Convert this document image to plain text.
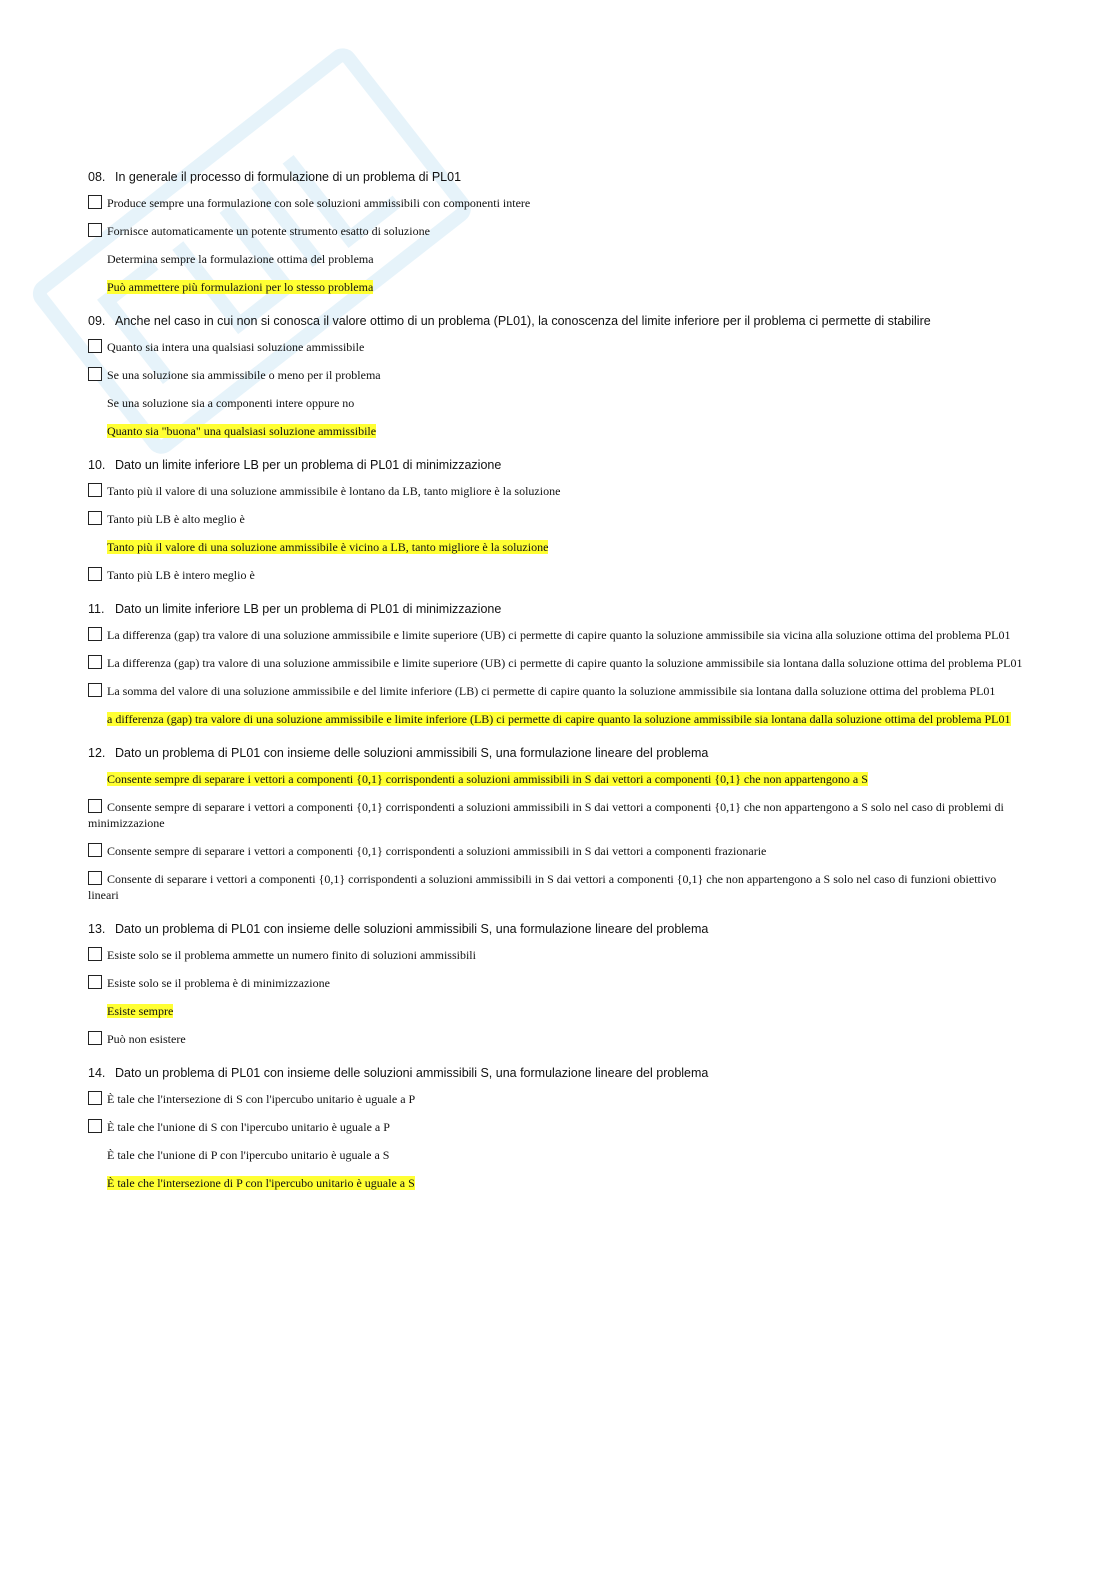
08. In generale il processo di formulazione di un problema di PL01
Produce sempre una formulazione con sole soluzioni ammissibili con componenti intere
Fornisce automaticamente un potente strumento esatto di soluzione
Determina sempre la formulazione ottima del problema
Può ammettere più formulazioni per lo stesso problema
09. Anche nel caso in cui non si conosca il valore ottimo di un problema (PL01), la conoscenza del limite inferiore per il problema ci permette di stabilire
Quanto sia intera una qualsiasi soluzione ammissibile
Se una soluzione sia ammissibile o meno per il problema
Se una soluzione sia a componenti intere oppure no
Quanto sia "buona" una qualsiasi soluzione ammissibile
10. Dato un limite inferiore LB per un problema di PL01 di minimizzazione
Tanto più il valore di una soluzione ammissibile è lontano da LB, tanto migliore è la soluzione
Tanto più LB è alto meglio è
Tanto più il valore di una soluzione ammissibile è vicino a LB, tanto migliore è la soluzione
Tanto più LB è intero meglio è
11. Dato un limite inferiore LB per un problema di PL01 di minimizzazione
La differenza (gap) tra valore di una soluzione ammissibile e limite superiore (UB) ci permette di capire quanto la soluzione ammissibile sia vicina alla soluzione ottima del problema PL01
La differenza (gap) tra valore di una soluzione ammissibile e limite superiore (UB) ci permette di capire quanto la soluzione ammissibile sia lontana dalla soluzione ottima del problema PL01
La somma del valore di una soluzione ammissibile e del limite inferiore (LB) ci permette di capire quanto la soluzione ammissibile sia lontana dalla soluzione ottima del problema PL01
a differenza (gap) tra valore di una soluzione ammissibile e limite inferiore (LB) ci permette di capire quanto la soluzione ammissibile sia lontana dalla soluzione ottima del problema PL01
12. Dato un problema di PL01 con insieme delle soluzioni ammissibili S, una formulazione lineare del problema
Consente sempre di separare i vettori a componenti {0,1} corrispondenti a soluzioni ammissibili in S dai vettori a componenti {0,1} che non appartengono a S
Consente sempre di separare i vettori a componenti {0,1} corrispondenti a soluzioni ammissibili in S dai vettori a componenti {0,1} che non appartengono a S solo nel caso di problemi di minimizzazione
Consente sempre di separare i vettori a componenti {0,1} corrispondenti a soluzioni ammissibili in S dai vettori a componenti frazionarie
Consente di separare i vettori a componenti {0,1} corrispondenti a soluzioni ammissibili in S dai vettori a componenti {0,1} che non appartengono a S solo nel caso di funzioni obiettivo lineari
13. Dato un problema di PL01 con insieme delle soluzioni ammissibili S, una formulazione lineare del problema
Esiste solo se il problema ammette un numero finito di soluzioni ammissibili
Esiste solo se il problema è di minimizzazione
Esiste sempre
Può non esistere
14. Dato un problema di PL01 con insieme delle soluzioni ammissibili S, una formulazione lineare del problema
È tale che l'intersezione di S con l'ipercubo unitario è uguale a P
È tale che l'unione di S con l'ipercubo unitario è uguale a P
È tale che l'unione di P con l'ipercubo unitario è uguale a S
È tale che l'intersezione di P con l'ipercubo unitario è uguale a S
